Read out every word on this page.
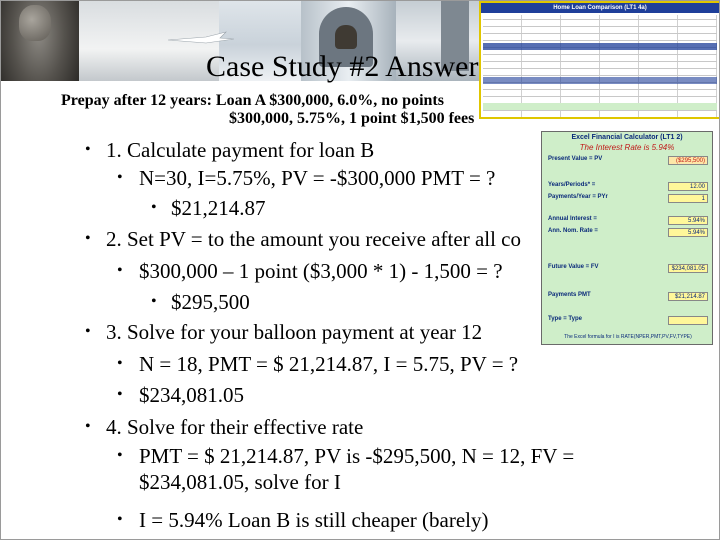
Case Study #2 Answer
Prepay after 12 years: Loan A $300,000, 6.0%, no points
$300,000, 5.75%, 1 point $1,500 fees
• 1. Calculate payment for loan B
• N=30, I=5.75%, PV = -$300,000 PMT = ?
• $21,214.87
• 2. Set PV = to the amount you receive after all co
• $300,000 – 1 point ($3,000 * 1) - 1,500 = ?
• $295,500
• 3. Solve for your balloon payment at year 12
• N = 18, PMT = $ 21,214.87, I = 5.75, PV = ?
• $234,081.05
• 4. Solve for their effective rate
• PMT = $ 21,214.87, PV is -$295,500, N = 12, FV =
$234,081.05, solve for I
• I = 5.94% Loan B is still cheaper (barely)
Home Loan Comparison (LT1 4a)
Excel Financial Calculator (LT1 2)
The Interest Rate is 5.94%
Present Value = PV	($295,500)
Years/Periods* =	12.00
Payments/Year = PYr	1
Annual Interest =	5.94%
Ann. Nom. Rate =	5.94%
Future Value = FV	$234,081.05
Payments PMT	$21,214.87
Type = Type
The Excel formula for I is RATE(NPER,PMT,PV,FV,TYPE)
